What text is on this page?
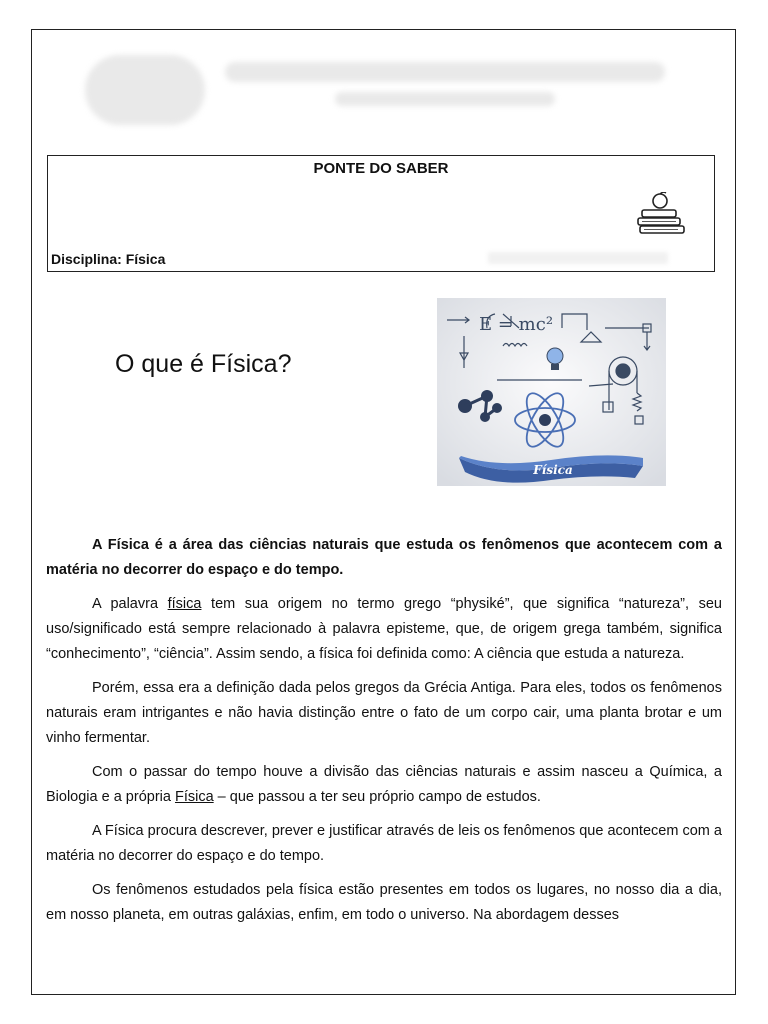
PONTE DO SABER
Disciplina: Física
O que é Física?
E = mc²
Física

A Física é a área das ciências naturais que estuda os fenômenos que acontecem com a matéria no decorrer do espaço e do tempo.

A palavra física tem sua origem no termo grego “physiké”, que significa “natureza”, seu uso/significado está sempre relacionado à palavra episteme, que, de origem grega também, significa “conhecimento”, “ciência”. Assim sendo, a física foi definida como: A ciência que estuda a natureza.

Porém, essa era a definição dada pelos gregos da Grécia Antiga. Para eles, todos os fenômenos naturais eram intrigantes e não havia distinção entre o fato de um corpo cair, uma planta brotar e um vinho fermentar.

Com o passar do tempo houve a divisão das ciências naturais e assim nasceu a Química, a Biologia e a própria Física – que passou a ter seu próprio campo de estudos.

A Física procura descrever, prever e justificar através de leis os fenômenos que acontecem com a matéria no decorrer do espaço e do tempo.

Os fenômenos estudados pela física estão presentes em todos os lugares, no nosso dia a dia, em nosso planeta, em outras galáxias, enfim, em todo o universo. Na abordagem desses
